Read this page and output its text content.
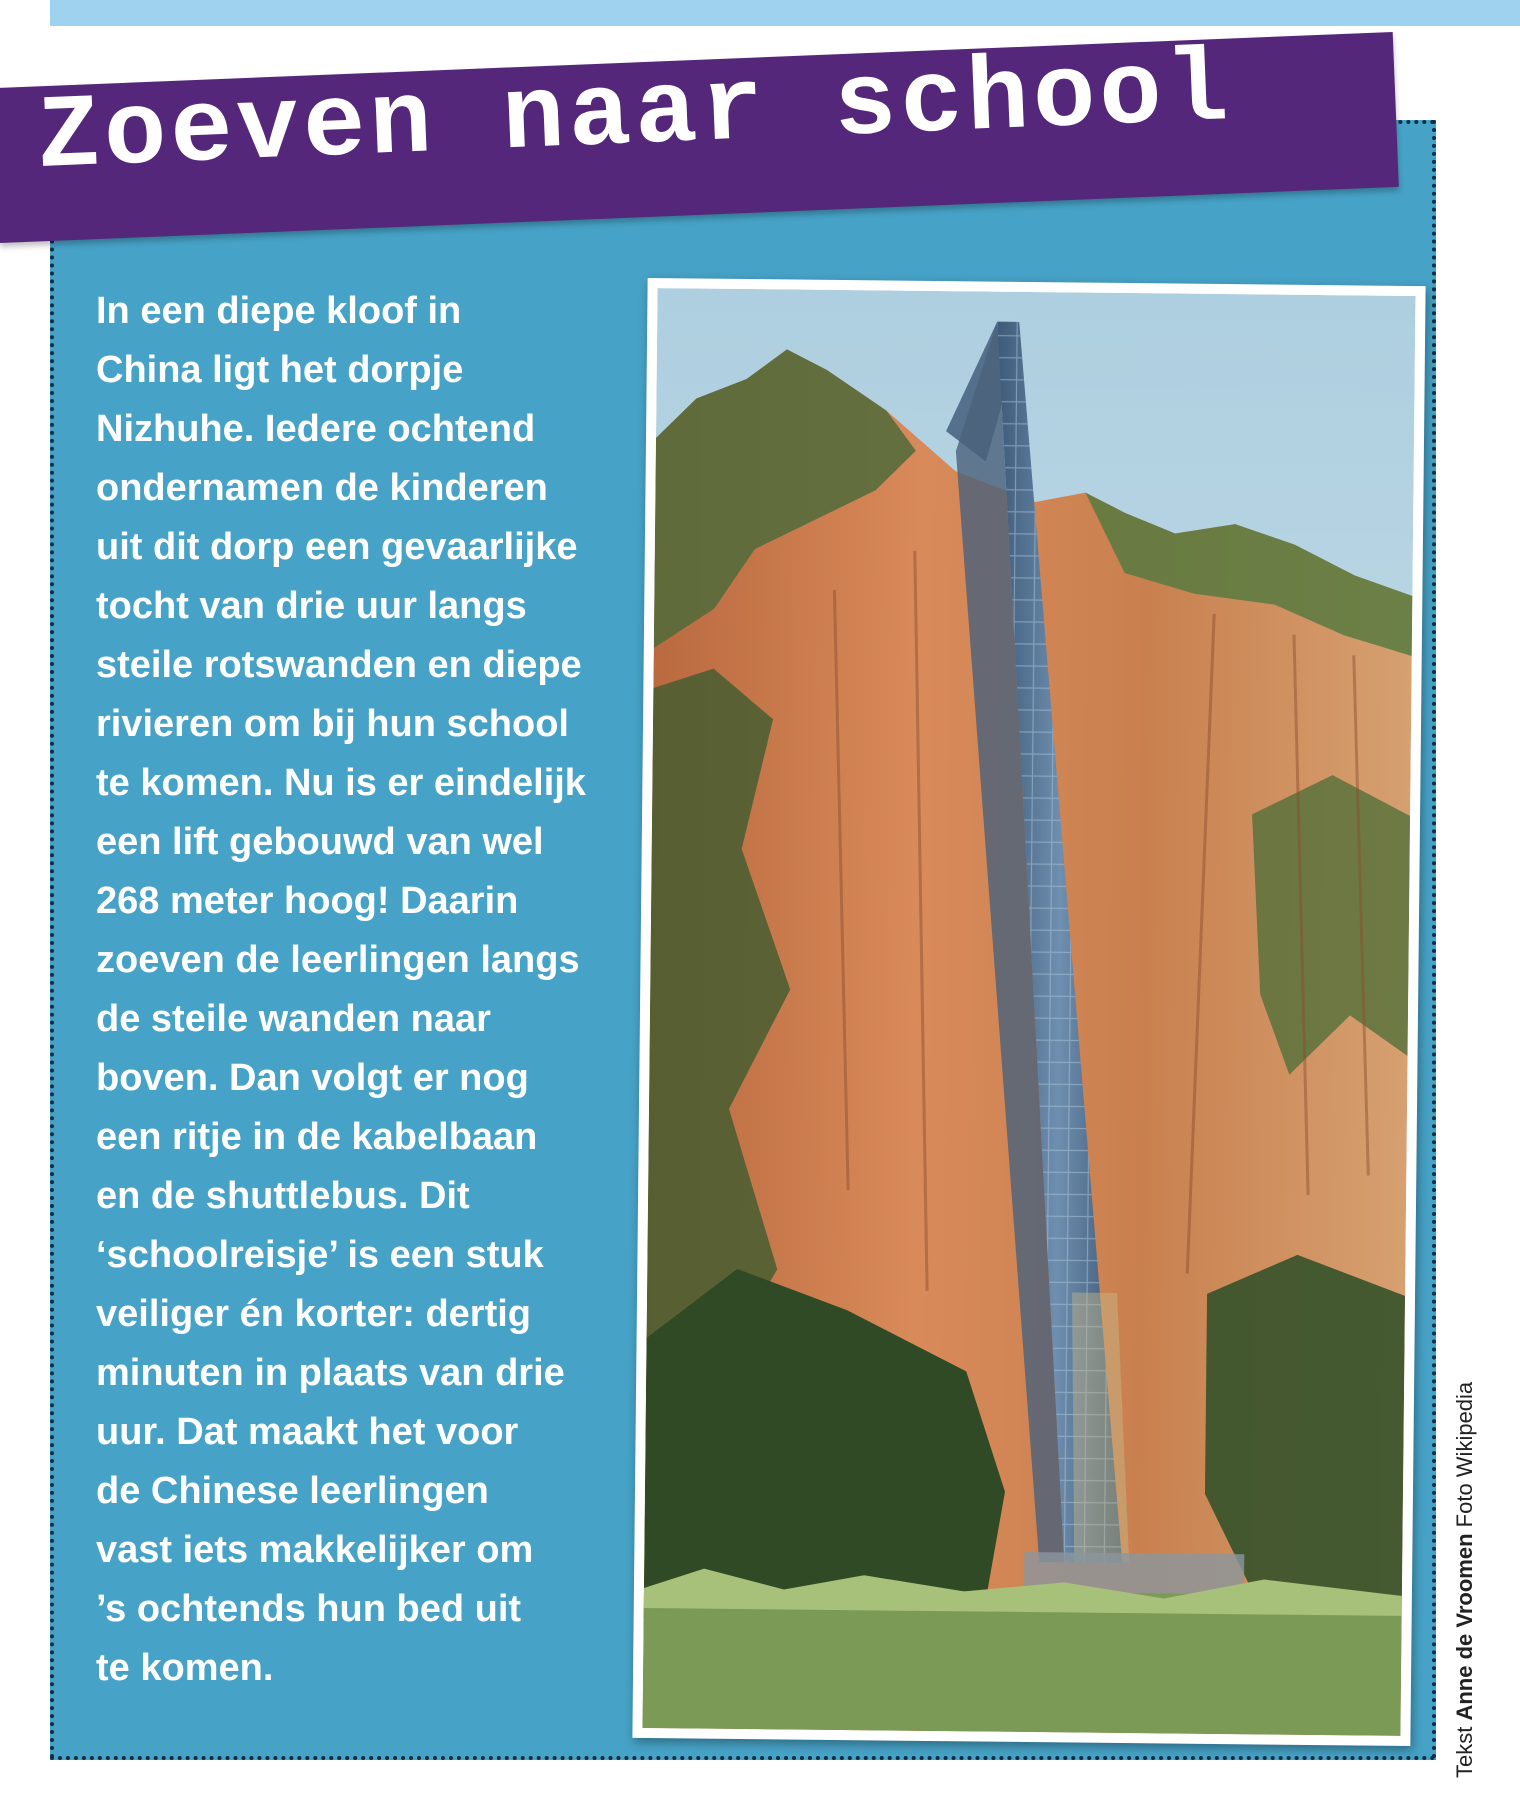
Zoeven naar school

In een diepe kloof in
China ligt het dorpje
Nizhuhe. Iedere ochtend
ondernamen de kinderen
uit dit dorp een gevaarlijke
tocht van drie uur langs
steile rotswanden en diepe
rivieren om bij hun school
te komen. Nu is er eindelijk
een lift gebouwd van wel
268 meter hoog! Daarin
zoeven de leerlingen langs
de steile wanden naar
boven. Dan volgt er nog
een ritje in de kabelbaan
en de shuttlebus. Dit
‘schoolreisje’ is een stuk
veiliger én korter: dertig
minuten in plaats van drie
uur. Dat maakt het voor
de Chinese leerlingen
vast iets makkelijker om
’s ochtends hun bed uit
te komen.

Tekst Anne de Vroomen Foto Wikipedia
